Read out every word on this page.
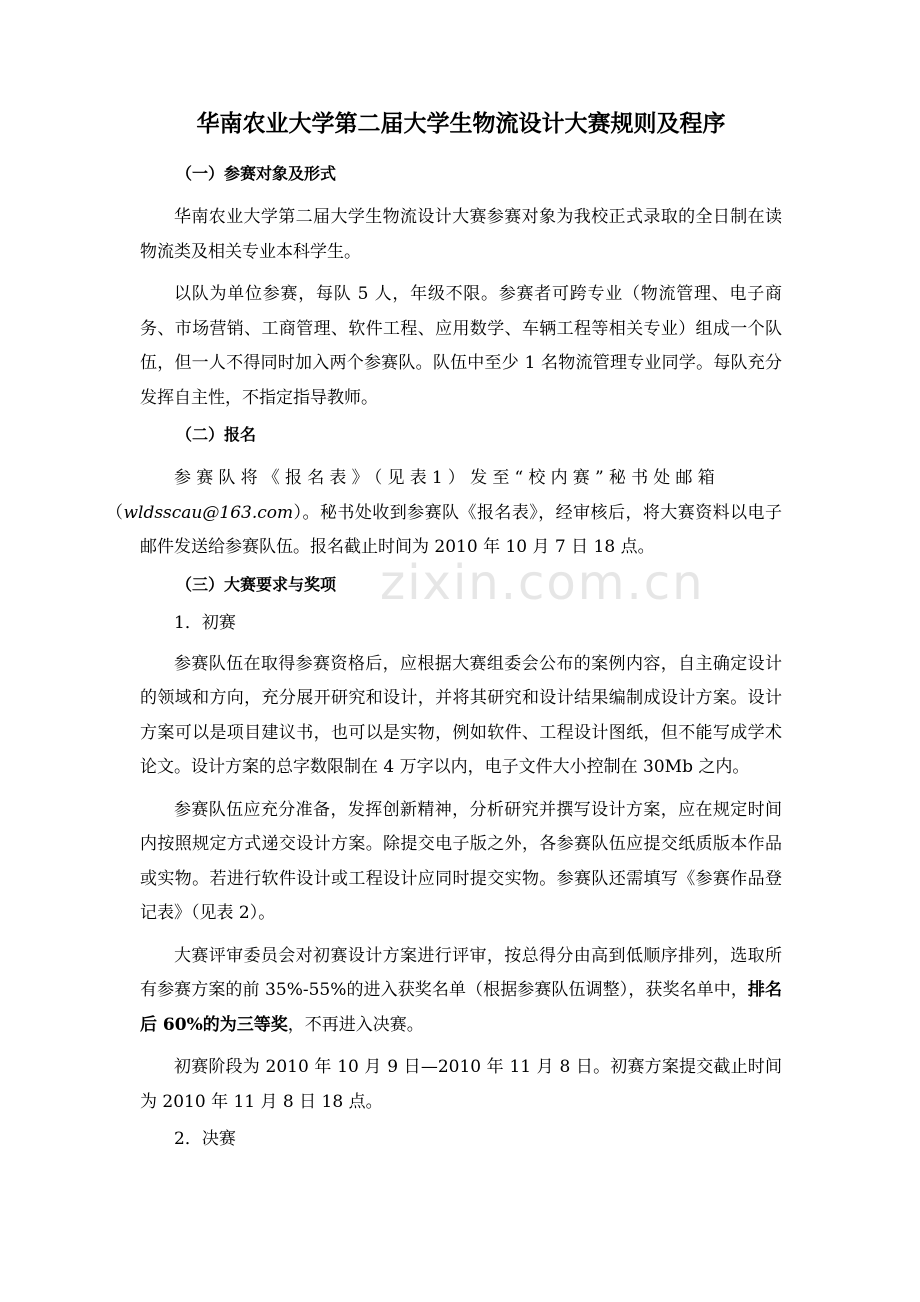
zixin.com.cn
华南农业大学第二届大学生物流设计大赛规则及程序
（一）参赛对象及形式

华南农业大学第二届大学生物流设计大赛参赛对象为我校正式录取的全日制在读物流类及相关专业本科学生。

以队为单位参赛，每队 5 人，年级不限。参赛者可跨专业（物流管理、电子商务、市场营销、工商管理、软件工程、应用数学、车辆工程等相关专业）组成一个队伍，但一人不得同时加入两个参赛队。队伍中至少 1 名物流管理专业同学。每队充分发挥自主性，不指定指导教师。

（二）报名

参赛队将《报名表》（见表1）发至“校内赛”秘书处邮箱
（wldsscau@163.com）。秘书处收到参赛队《报名表》，经审核后，将大赛资料以电子邮件发送给参赛队伍。报名截止时间为 2010 年 10 月 7 日 18 点。

（三）大赛要求与奖项
1．初赛

参赛队伍在取得参赛资格后，应根据大赛组委会公布的案例内容，自主确定设计的领域和方向，充分展开研究和设计，并将其研究和设计结果编制成设计方案。设计方案可以是项目建议书，也可以是实物，例如软件、工程设计图纸，但不能写成学术论文。设计方案的总字数限制在 4 万字以内，电子文件大小控制在 30Mb 之内。

参赛队伍应充分准备，发挥创新精神，分析研究并撰写设计方案，应在规定时间内按照规定方式递交设计方案。除提交电子版之外，各参赛队伍应提交纸质版本作品或实物。若进行软件设计或工程设计应同时提交实物。参赛队还需填写《参赛作品登记表》（见表 2）。

大赛评审委员会对初赛设计方案进行评审，按总得分由高到低顺序排列，选取所有参赛方案的前 35%-55%的进入获奖名单（根据参赛队伍调整），获奖名单中，排名后 60%的为三等奖，不再进入决赛。

初赛阶段为 2010 年 10 月 9 日—2010 年 11 月 8 日。初赛方案提交截止时间为 2010 年 11 月 8 日 18 点。

2．决赛
